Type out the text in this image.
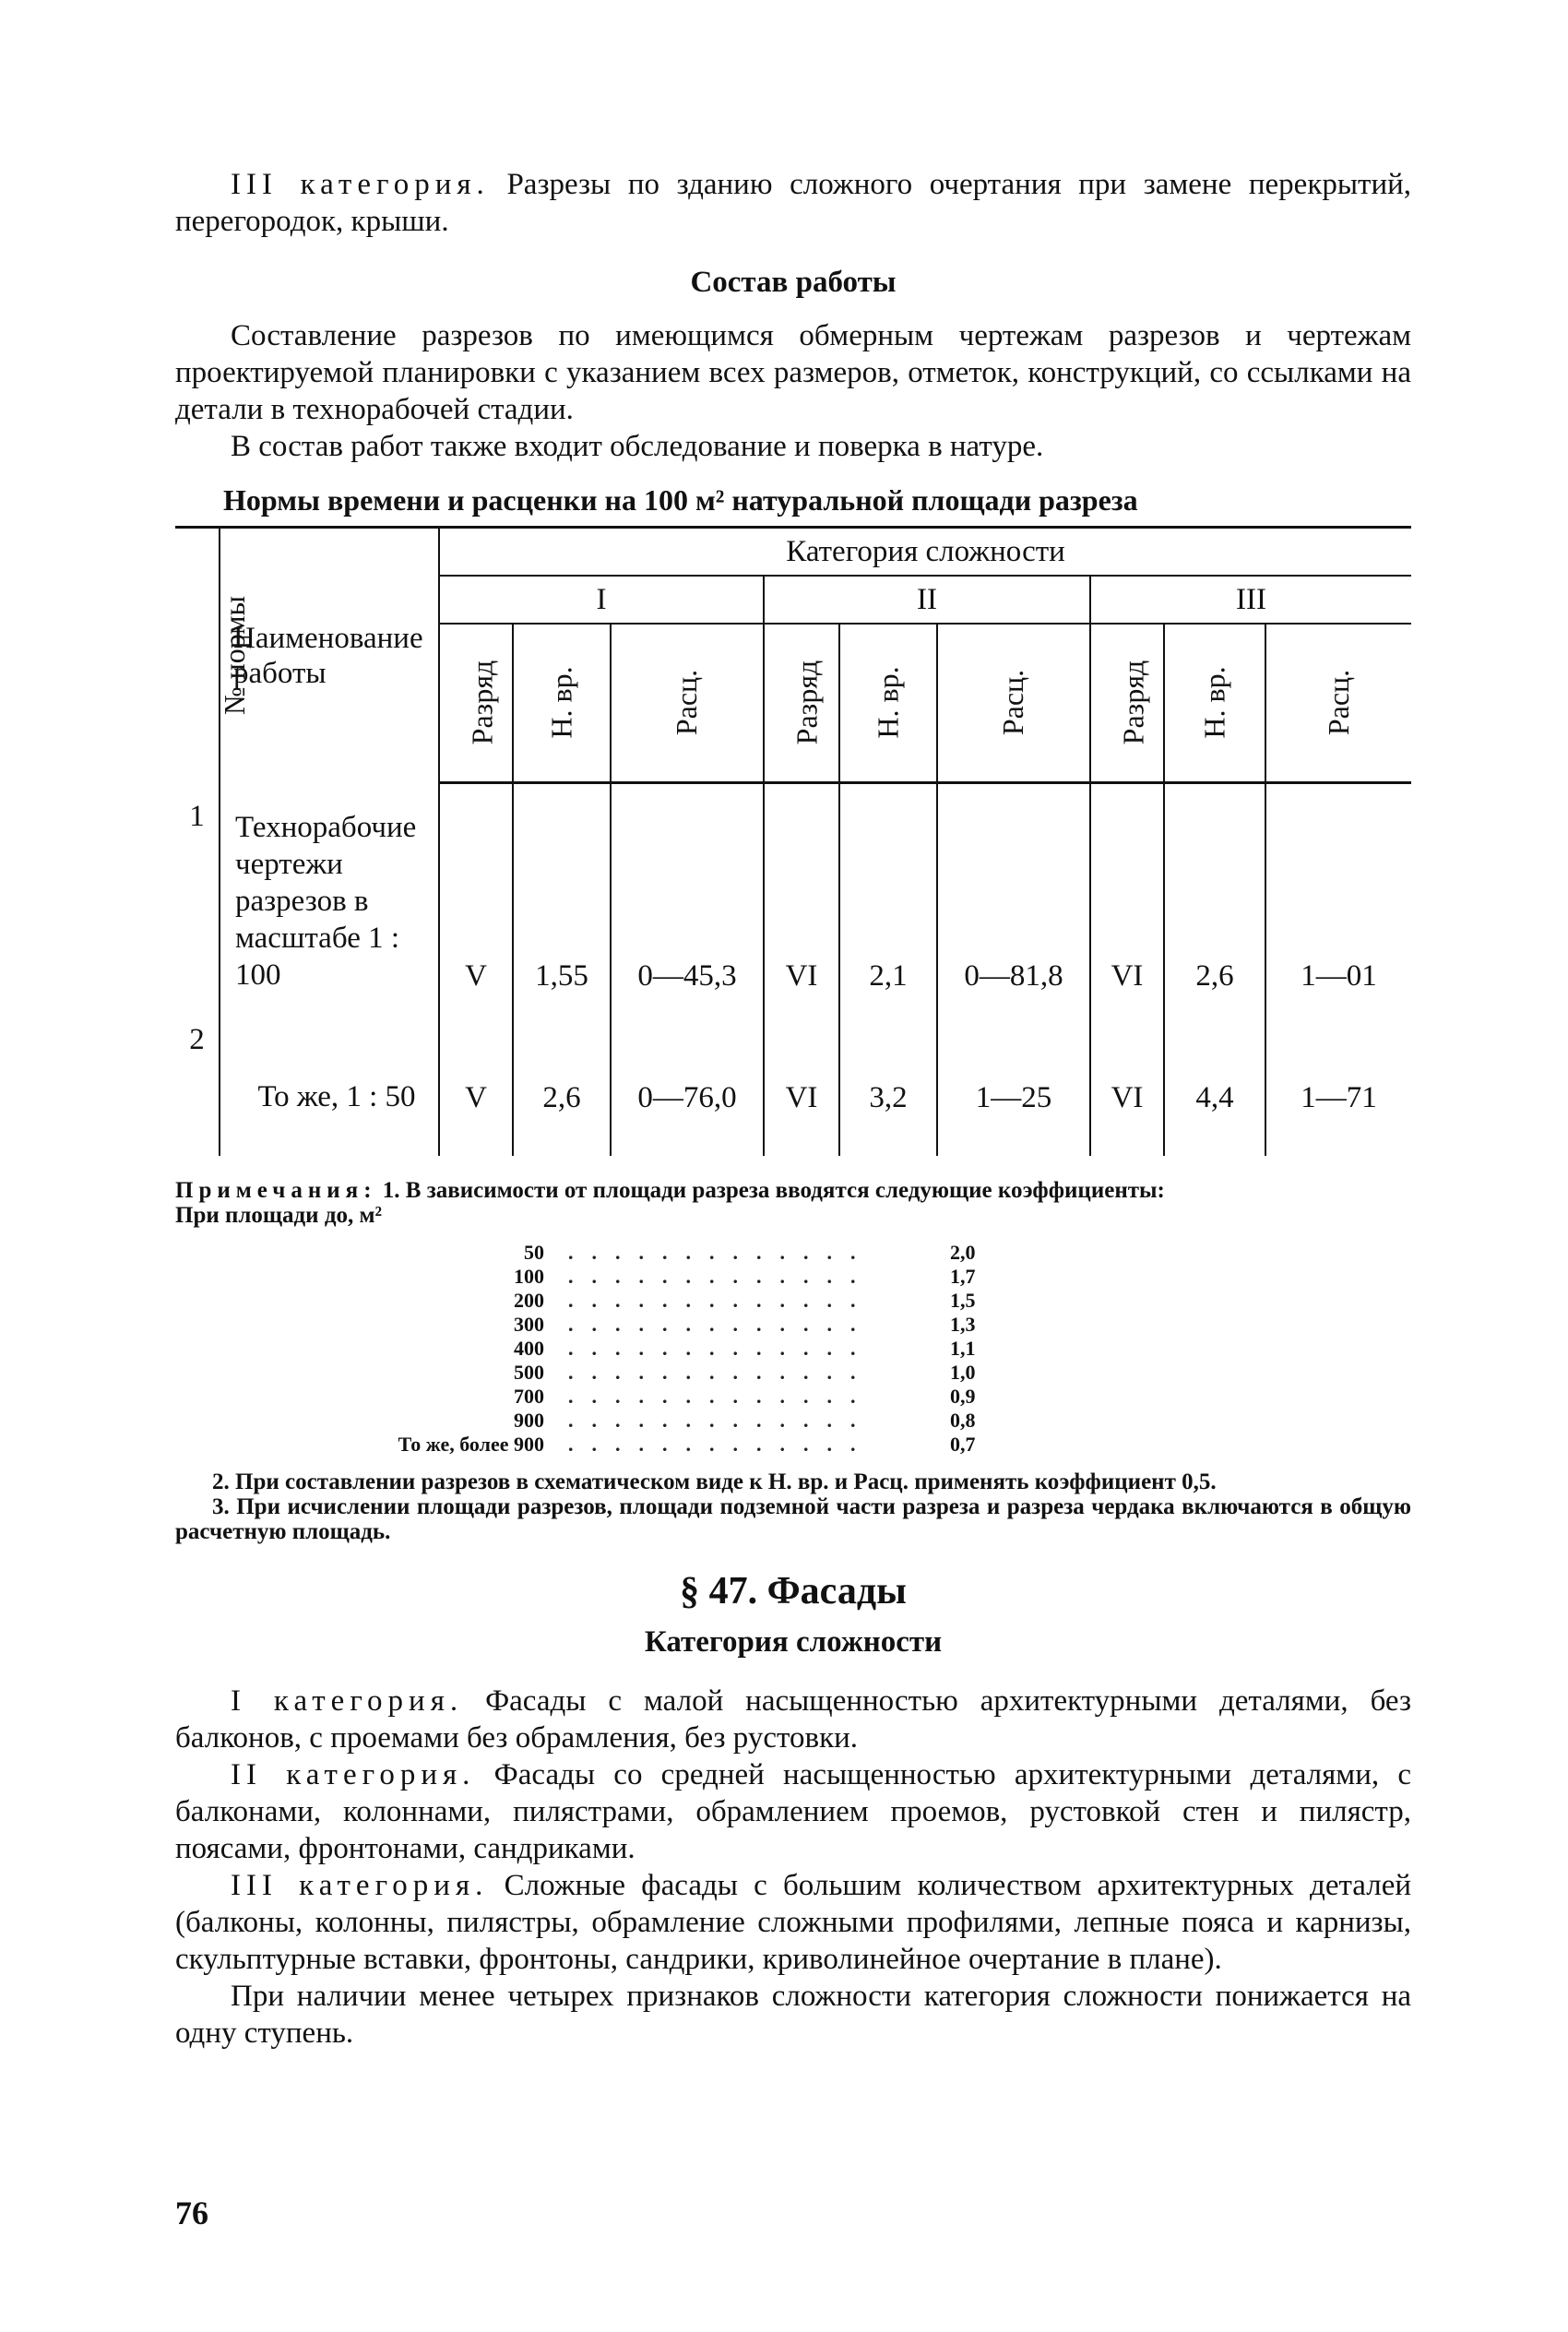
III категория. Разрезы по зданию сложного очертания при замене перекрытий, перегородок, крыши.

Состав работы

Составление разрезов по имеющимся обмерным чертежам разрезов и чертежам проектируемой планировки с указанием всех размеров, отметок, конструкций, со ссылками на детали в технорабочей стадии.

В состав работ также входит обследование и поверка в натуре.

Нормы времени и расценки на 100 м² натуральной площади разреза

№ нормы	Наименование работы	Категория сложности								
		I			II			III		
		Разряд	Н. вр.	Расц.	Разряд	Н. вр.	Расц.	Разряд	Н. вр.	Расц.
1	Технорабочие чертежи разрезов в масштабе 1 : 100	V	1,55	0—45,3	VI	2,1	0—81,8	VI	2,6	1—01
2	То же, 1 : 50	V	2,6	0—76,0	VI	3,2	1—25	VI	4,4	1—71

Примечания: 1. В зависимости от площади разреза вводятся следующие коэффициенты:

При площади до, м²

50	.............	2,0
100	.............	1,7
200	.............	1,5
300	.............	1,3
400	.............	1,1
500	.............	1,0
700	.............	0,9
900	.............	0,8
То же, более 900	.............	0,7

2. При составлении разрезов в схематическом виде к Н. вр. и Расц. применять коэффициент 0,5.

3. При исчислении площади разрезов, площади подземной части разреза и разреза чердака включаются в общую расчетную площадь.

§ 47. Фасады

Категория сложности

I категория. Фасады с малой насыщенностью архитектурными деталями, без балконов, с проемами без обрамления, без рустовки.

II категория. Фасады со средней насыщенностью архитектурными деталями, с балконами, колоннами, пилястрами, обрамлением проемов, рустовкой стен и пилястр, поясами, фронтонами, сандриками.

III категория. Сложные фасады с большим количеством архитектурных деталей (балконы, колонны, пилястры, обрамление сложными профилями, лепные пояса и карнизы, скульптурные вставки, фронтоны, сандрики, криволинейное очертание в плане).

При наличии менее четырех признаков сложности категория сложности понижается на одну ступень.

76
